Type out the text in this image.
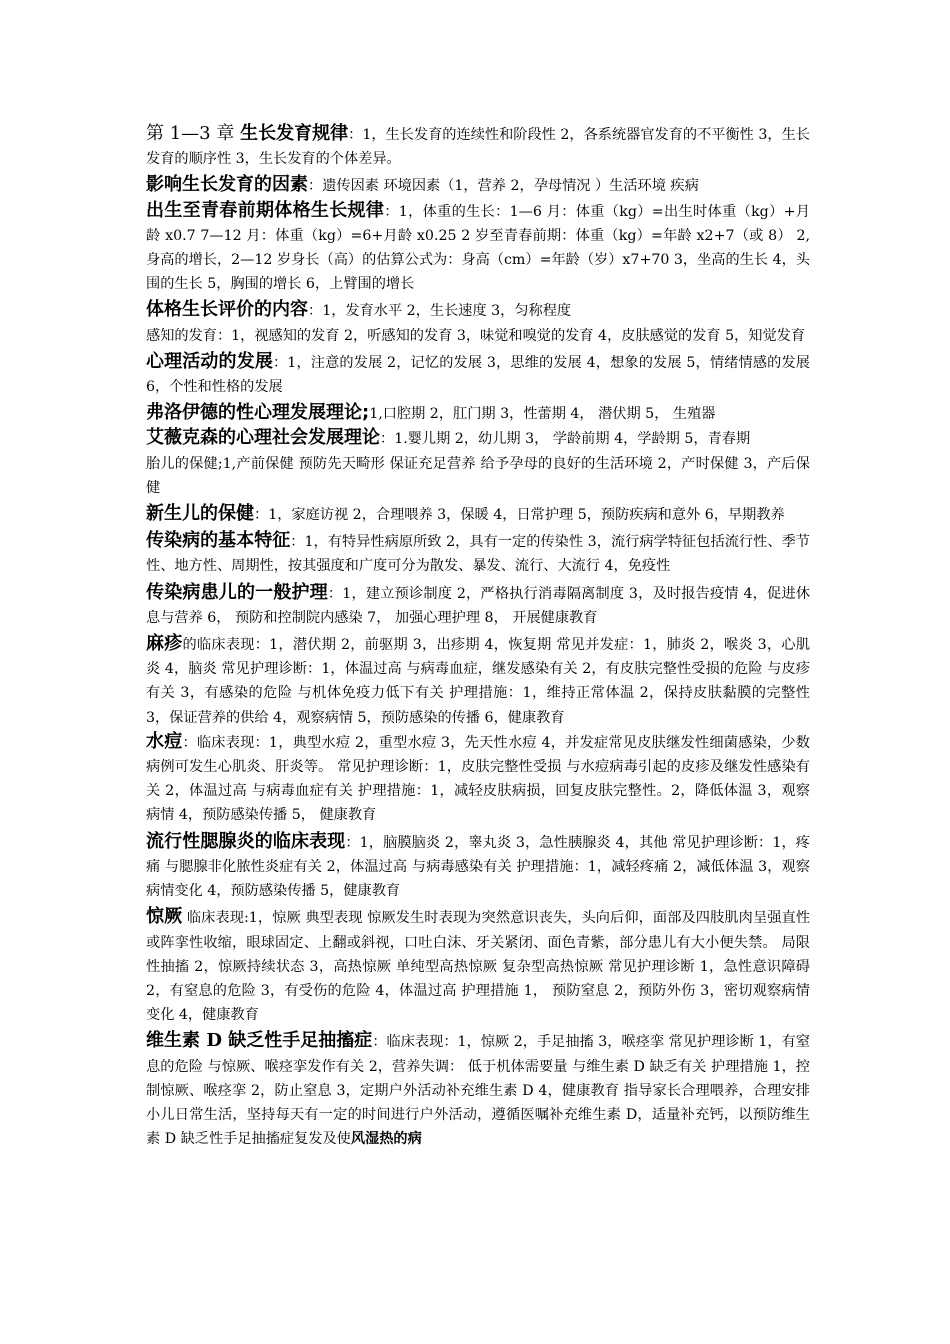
第 1—3 章 生长发育规律：1，生长发育的连续性和阶段性 2，各系统器官发育的不平衡性 3，生长发育的顺序性 3，生长发育的个体差异。

影响生长发育的因素：遗传因素 环境因素（1，营养 2，孕母情况 ）生活环境 疾病

出生至青春前期体格生长规律：1，体重的生长：1—6 月：体重（kg）=出生时体重（kg）+月龄 x0.7 7—12 月：体重（kg）=6+月龄 x0.25 2 岁至青春前期：体重（kg）=年龄 x2+7（或 8） 2,身高的增长，2—12 岁身长（高）的估算公式为：身高（cm）=年龄（岁）x7+70 3，坐高的生长 4，头围的生长 5，胸围的增长 6，上臂围的增长

体格生长评价的内容：1，发育水平 2，生长速度 3，匀称程度

感知的发育：1，视感知的发育 2，听感知的发育 3，味觉和嗅觉的发育 4，皮肤感觉的发育 5，知觉发育

心理活动的发展：1，注意的发展 2，记忆的发展 3，思维的发展 4，想象的发展 5，情绪情感的发展 6，个性和性格的发展

弗洛伊德的性心理发展理论;1,口腔期 2，肛门期 3，性蕾期 4， 潜伏期 5， 生殖器

艾薇克森的心理社会发展理论：1.婴儿期 2，幼儿期 3， 学龄前期 4，学龄期 5，青春期

胎儿的保健;1,产前保健 预防先天畸形 保证充足营养 给予孕母的良好的生活环境 2，产时保健 3，产后保健

新生儿的保健：1，家庭访视 2，合理喂养 3，保暖 4，日常护理 5，预防疾病和意外 6，早期教养

传染病的基本特征：1，有特异性病原所致 2，具有一定的传染性 3，流行病学特征包括流行性、季节性、地方性、周期性，按其强度和广度可分为散发、暴发、流行、大流行 4，免疫性

传染病患儿的一般护理：1，建立预诊制度 2，严格执行消毒隔离制度 3，及时报告疫情 4，促进休息与营养 6， 预防和控制院内感染 7， 加强心理护理 8， 开展健康教育

麻疹的临床表现：1，潜伏期 2，前驱期 3，出疹期 4，恢复期 常见并发症：1，肺炎 2，喉炎 3，心肌炎 4，脑炎 常见护理诊断：1，体温过高 与病毒血症，继发感染有关 2，有皮肤完整性受损的危险 与皮疹有关 3，有感染的危险 与机体免疫力低下有关 护理措施：1，维持正常体温 2，保持皮肤黏膜的完整性 3，保证营养的供给 4，观察病情 5，预防感染的传播 6，健康教育

水痘：临床表现：1，典型水痘 2，重型水痘 3，先天性水痘 4，并发症常见皮肤继发性细菌感染，少数病例可发生心肌炎、肝炎等。 常见护理诊断：1，皮肤完整性受损 与水痘病毒引起的皮疹及继发性感染有关 2，体温过高 与病毒血症有关 护理措施：1，减轻皮肤病损，回复皮肤完整性。2，降低体温 3，观察病情 4，预防感染传播 5， 健康教育

流行性腮腺炎的临床表现：1，脑膜脑炎 2，睾丸炎 3，急性胰腺炎 4，其他 常见护理诊断：1，疼痛 与腮腺非化脓性炎症有关 2，体温过高 与病毒感染有关 护理措施：1，减轻疼痛 2，减低体温 3，观察病情变化 4，预防感染传播 5，健康教育

惊厥 临床表现:1，惊厥 典型表现 惊厥发生时表现为突然意识丧失，头向后仰，面部及四肢肌肉呈强直性或阵挛性收缩，眼球固定、上翻或斜视，口吐白沫、牙关紧闭、面色青紫，部分患儿有大小便失禁。 局限性抽搐 2，惊厥持续状态 3，高热惊厥 单纯型高热惊厥 复杂型高热惊厥 常见护理诊断 1，急性意识障碍 2，有窒息的危险 3，有受伤的危险 4，体温过高 护理措施 1， 预防窒息 2，预防外伤 3，密切观察病情变化 4，健康教育

维生素 D 缺乏性手足抽搐症：临床表现：1，惊厥 2，手足抽搐 3，喉痉挛 常见护理诊断 1，有窒息的危险 与惊厥、喉痉挛发作有关 2，营养失调： 低于机体需要量 与维生素 D 缺乏有关 护理措施 1，控制惊厥、喉痉挛 2，防止窒息 3，定期户外活动补充维生素 D 4，健康教育 指导家长合理喂养，合理安排小儿日常生活，坚持每天有一定的时间进行户外活动，遵循医嘱补充维生素 D，适量补充钙，以预防维生素 D 缺乏性手足抽搐症复发及使风湿热的病
